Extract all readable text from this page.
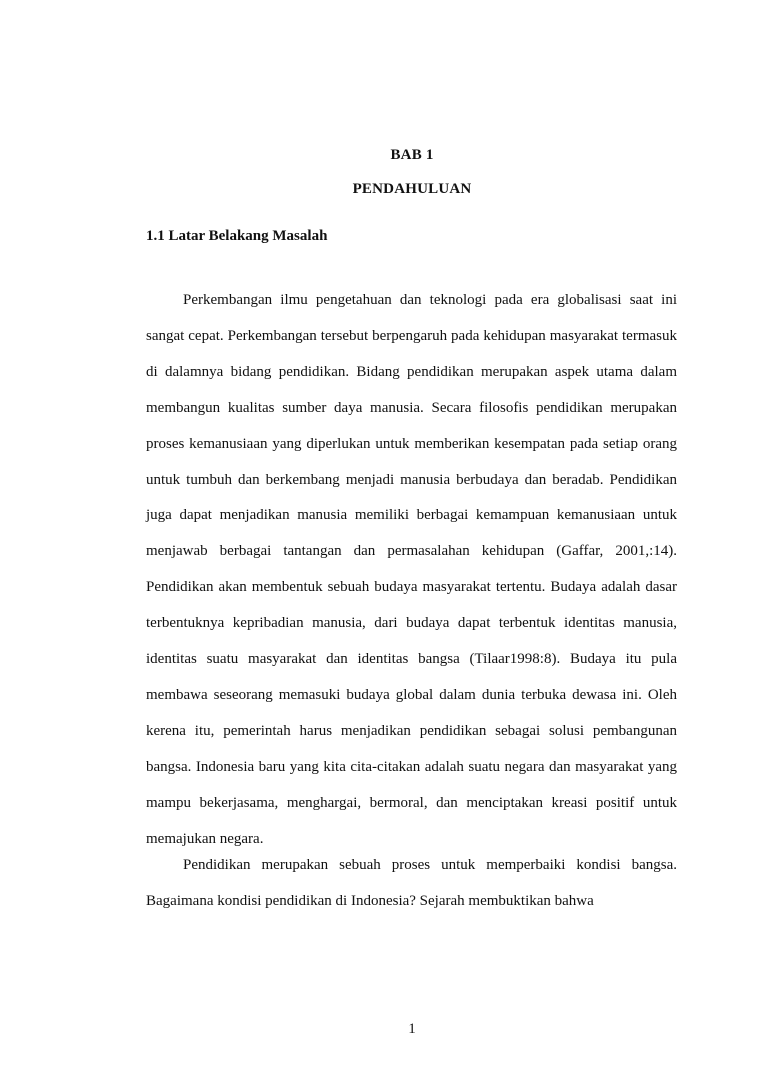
BAB 1
PENDAHULUAN
1.1 Latar Belakang Masalah

Perkembangan ilmu pengetahuan dan teknologi pada era globalisasi saat ini sangat cepat. Perkembangan tersebut berpengaruh pada kehidupan masyarakat termasuk di dalamnya bidang pendidikan. Bidang pendidikan merupakan aspek utama dalam membangun kualitas sumber daya manusia. Secara filosofis pendidikan merupakan proses kemanusiaan yang diperlukan untuk memberikan kesempatan pada setiap orang untuk tumbuh dan berkembang menjadi manusia berbudaya dan beradab. Pendidikan juga dapat menjadikan manusia memiliki berbagai kemampuan kemanusiaan untuk menjawab berbagai tantangan dan permasalahan kehidupan (Gaffar, 2001,:14). Pendidikan akan membentuk sebuah budaya masyarakat tertentu. Budaya adalah dasar terbentuknya kepribadian manusia, dari budaya dapat terbentuk identitas manusia, identitas suatu masyarakat dan identitas bangsa (Tilaar1998:8). Budaya itu pula membawa seseorang memasuki budaya global dalam dunia terbuka dewasa ini. Oleh kerena itu, pemerintah harus menjadikan pendidikan sebagai solusi pembangunan bangsa. Indonesia baru yang kita cita-citakan adalah suatu negara dan masyarakat yang mampu bekerjasama, menghargai, bermoral, dan menciptakan kreasi positif untuk memajukan negara.

Pendidikan merupakan sebuah proses untuk memperbaiki kondisi bangsa. Bagaimana kondisi pendidikan di Indonesia? Sejarah membuktikan bahwa

1
